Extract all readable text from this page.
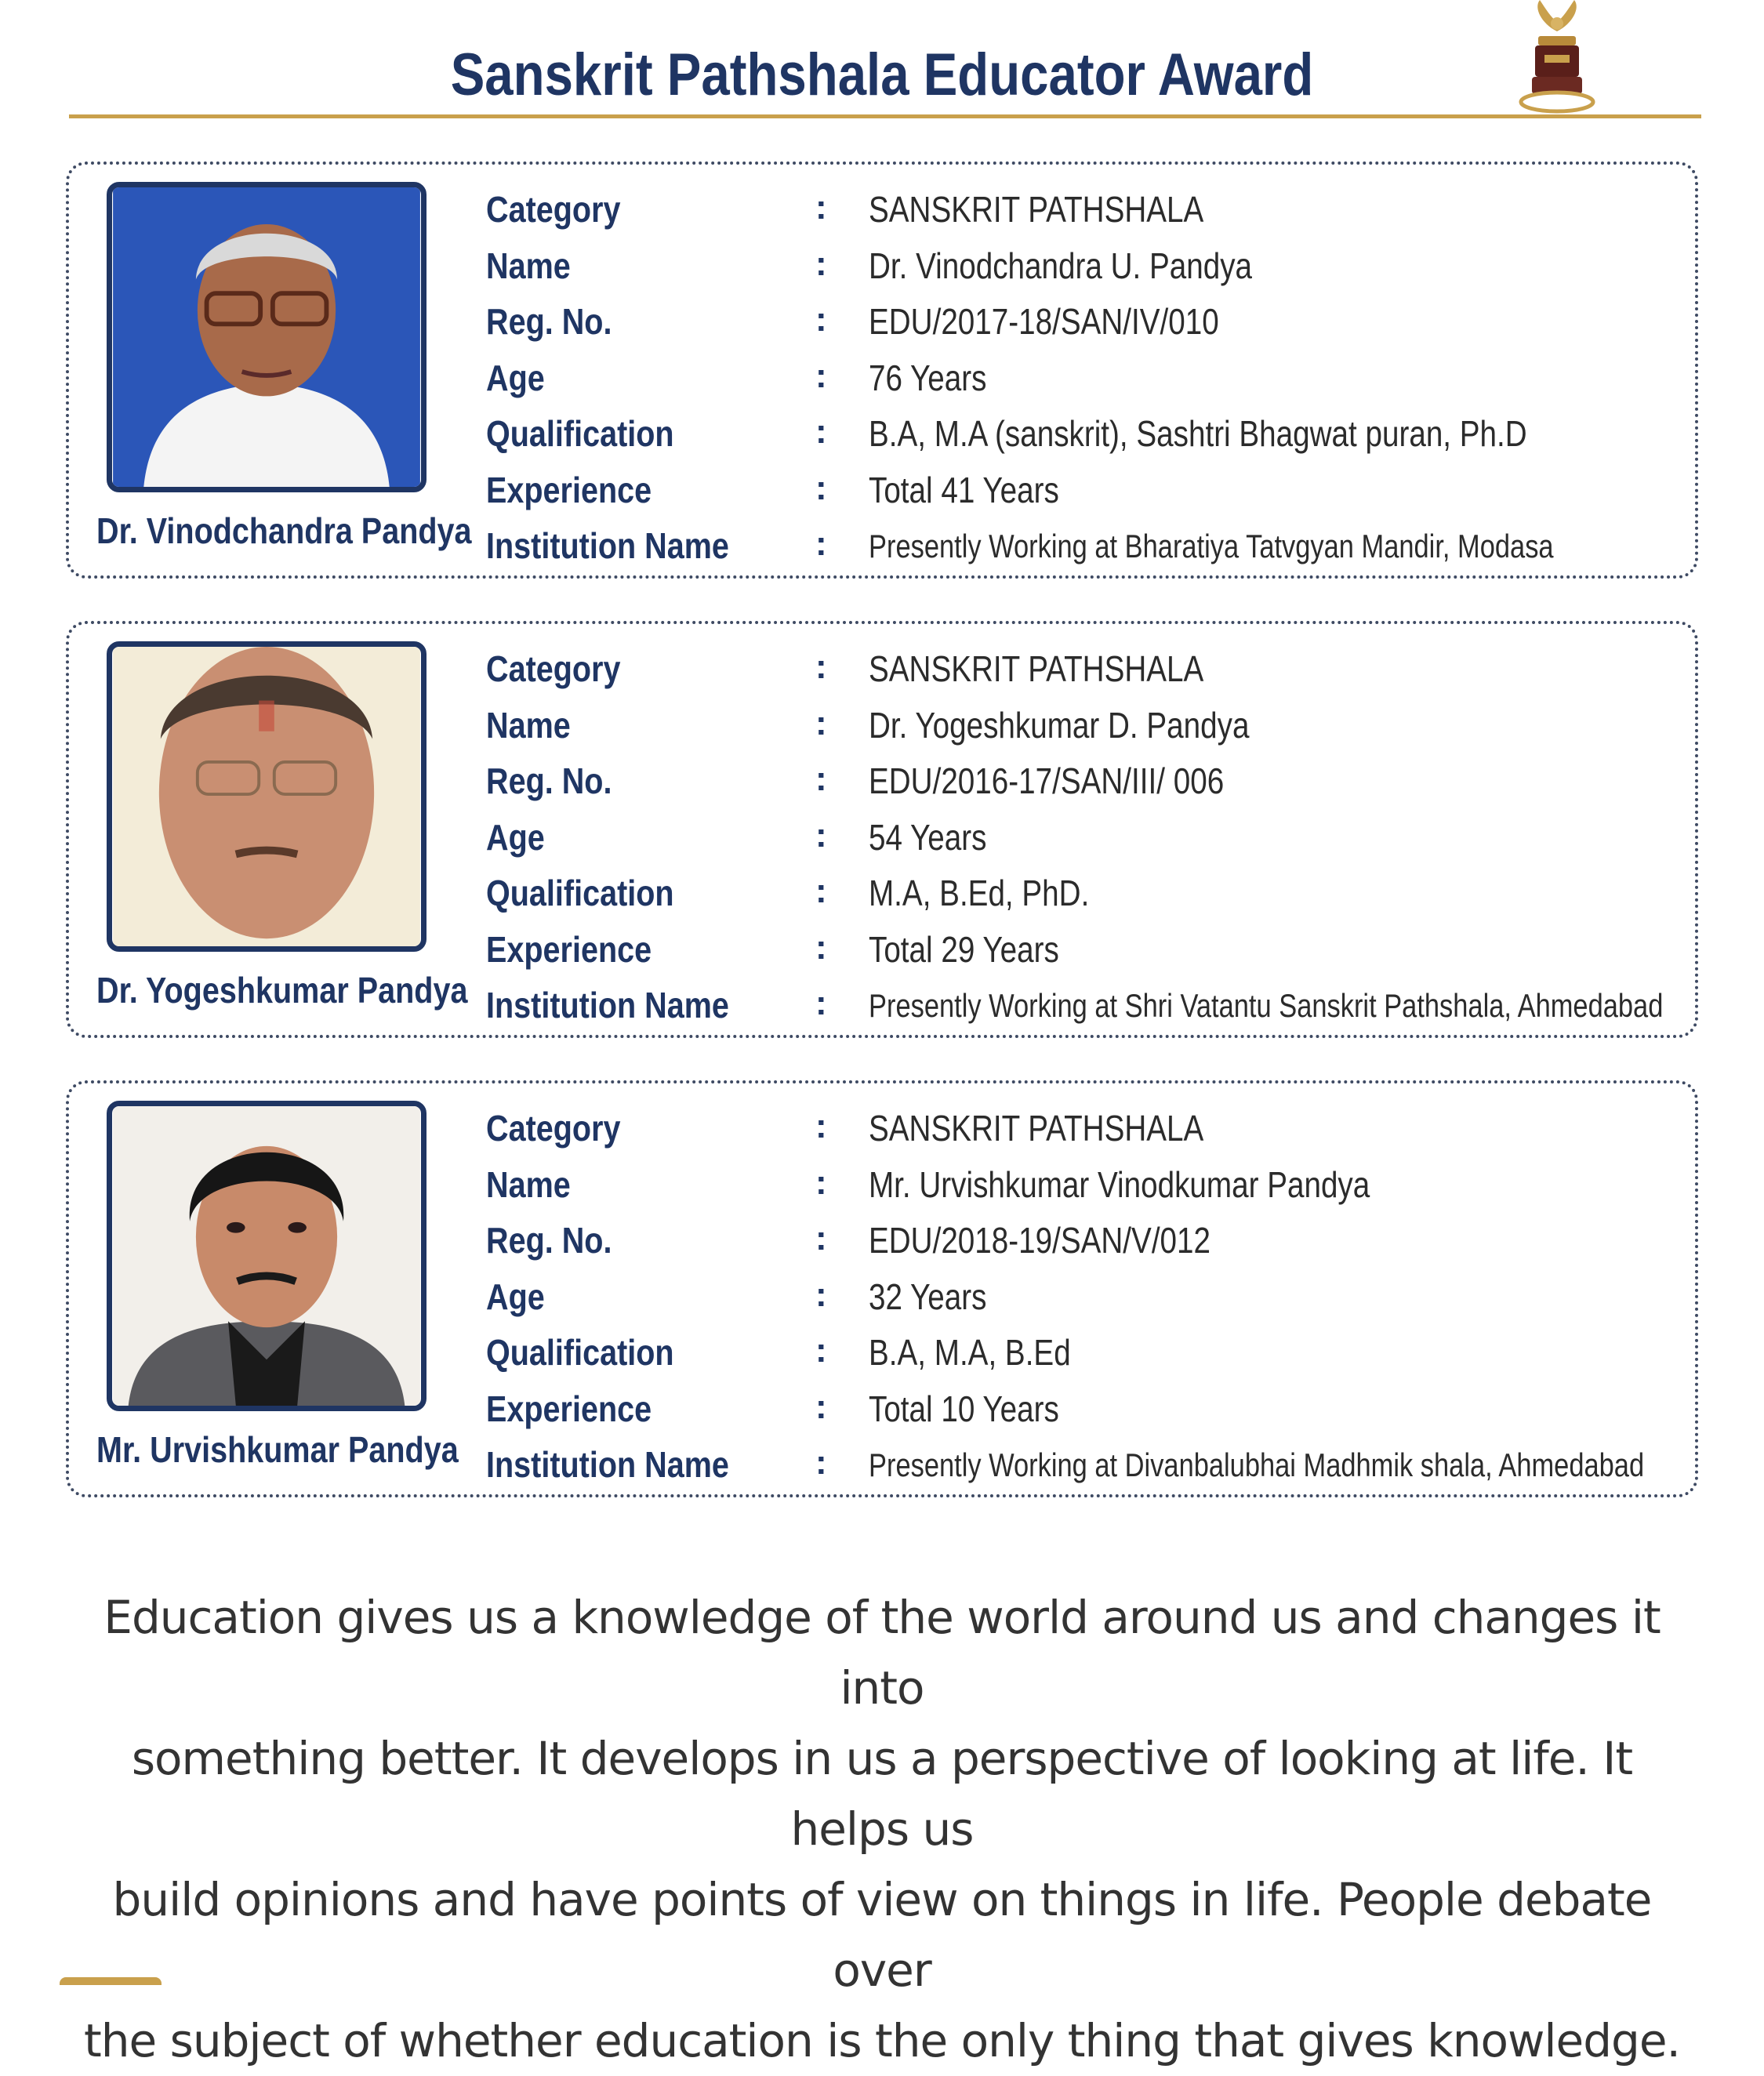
Sanskrit Pathshala Educator Award
Dr. Vinodchandra Pandya
Category	: SANSKRIT PATHSHALA
Name	: Dr. Vinodchandra U. Pandya
Reg. No.	: EDU/2017-18/SAN/IV/010
Age	: 76 Years
Qualification	: B.A, M.A (sanskrit), Sashtri Bhagwat puran, Ph.D
Experience	: Total 41 Years
Institution Name	: Presently Working at Bharatiya Tatvgyan Mandir, Modasa
Dr. Yogeshkumar Pandya
Category	: SANSKRIT PATHSHALA
Name	: Dr. Yogeshkumar D. Pandya
Reg. No.	: EDU/2016-17/SAN/III/ 006
Age	: 54 Years
Qualification	: M.A, B.Ed, PhD.
Experience	: Total 29 Years
Institution Name	: Presently Working at Shri Vatantu Sanskrit Pathshala, Ahmedabad
Mr. Urvishkumar Pandya
Category	: SANSKRIT PATHSHALA
Name	: Mr. Urvishkumar Vinodkumar Pandya
Reg. No.	: EDU/2018-19/SAN/V/012
Age	: 32 Years
Qualification	: B.A, M.A, B.Ed
Experience	: Total 10 Years
Institution Name	: Presently Working at Divanbalubhai Madhmik shala, Ahmedabad
Education gives us a knowledge of the world around us and changes it into
something better. It develops in us a perspective of looking at life. It helps us
build opinions and have points of view on things in life. People debate over
the subject of whether education is the only thing that gives knowledge.
